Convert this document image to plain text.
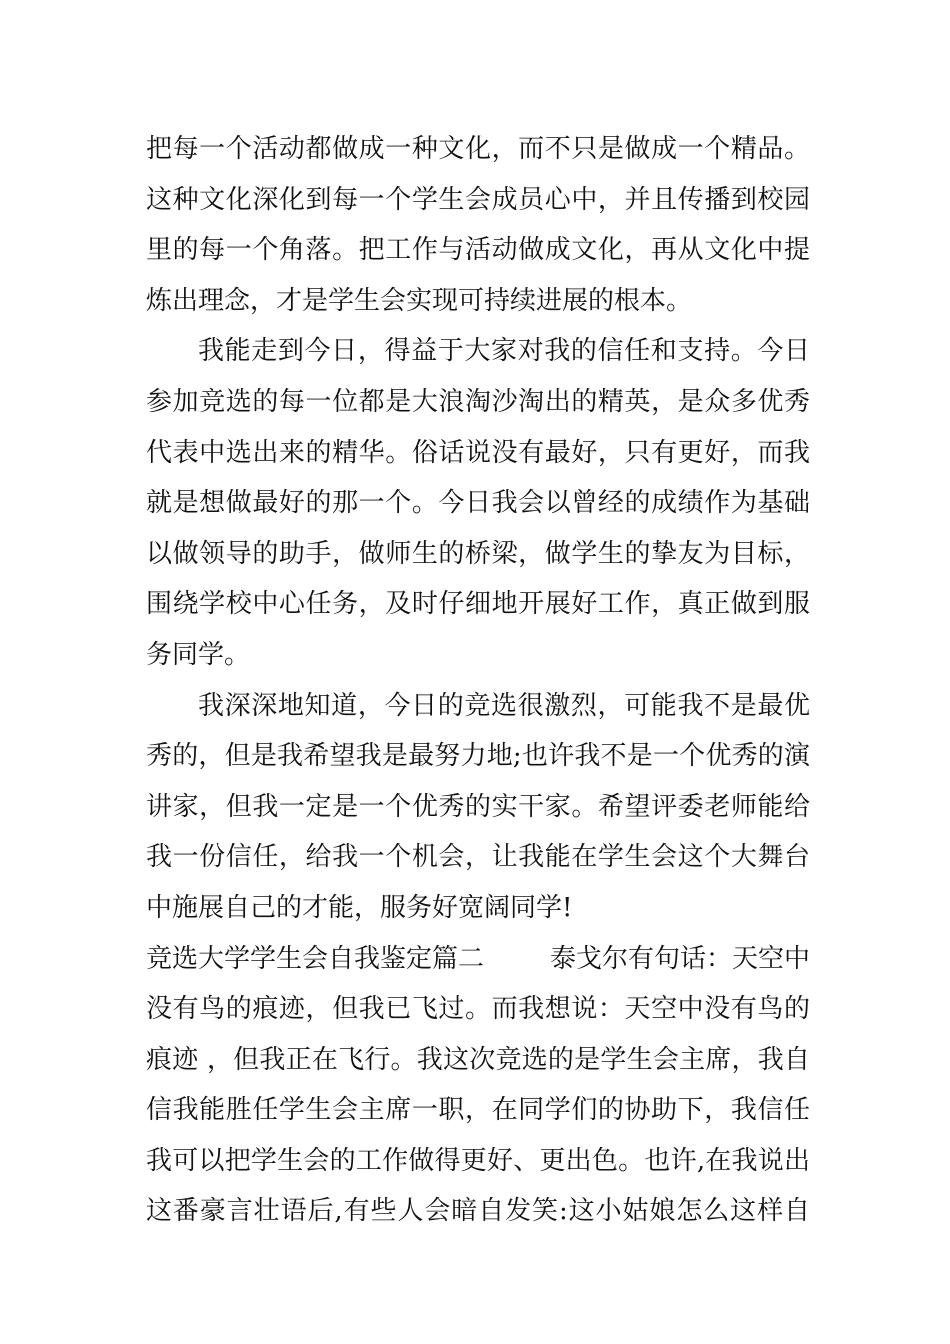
把每一个活动都做成一种文化，而不只是做成一个精品。
这种文化深化到每一个学生会成员心中，并且传播到校园
里的每一个角落。把工作与活动做成文化，再从文化中提
炼出理念，才是学生会实现可持续进展的根本。
我能走到今日，得益于大家对我的信任和支持。今日
参加竞选的每一位都是大浪淘沙淘出的精英，是众多优秀
代表中选出来的精华。俗话说没有最好，只有更好，而我
就是想做最好的那一个。今日我会以曾经的成绩作为基础
以做领导的助手，做师生的桥梁，做学生的挚友为目标，
围绕学校中心任务，及时仔细地开展好工作，真正做到服
务同学。
我深深地知道，今日的竞选很激烈，可能我不是最优
秀的，但是我希望我是最努力地;也许我不是一个优秀的演
讲家，但我一定是一个优秀的实干家。希望评委老师能给
我一份信任，给我一个机会，让我能在学生会这个大舞台
中施展自己的才能，服务好宽阔同学!
竞选大学学生会自我鉴定篇二	泰戈尔有句话：天空中
没有鸟的痕迹，但我已飞过。而我想说：天空中没有鸟的
痕迹 ，但我正在飞行。我这次竞选的是学生会主席，我自
信我能胜任学生会主席一职，在同学们的协助下，我信任
我可以把学生会的工作做得更好、更出色。也许,在我说出
这番豪言壮语后,有些人会暗自发笑:这小姑娘怎么这样自
